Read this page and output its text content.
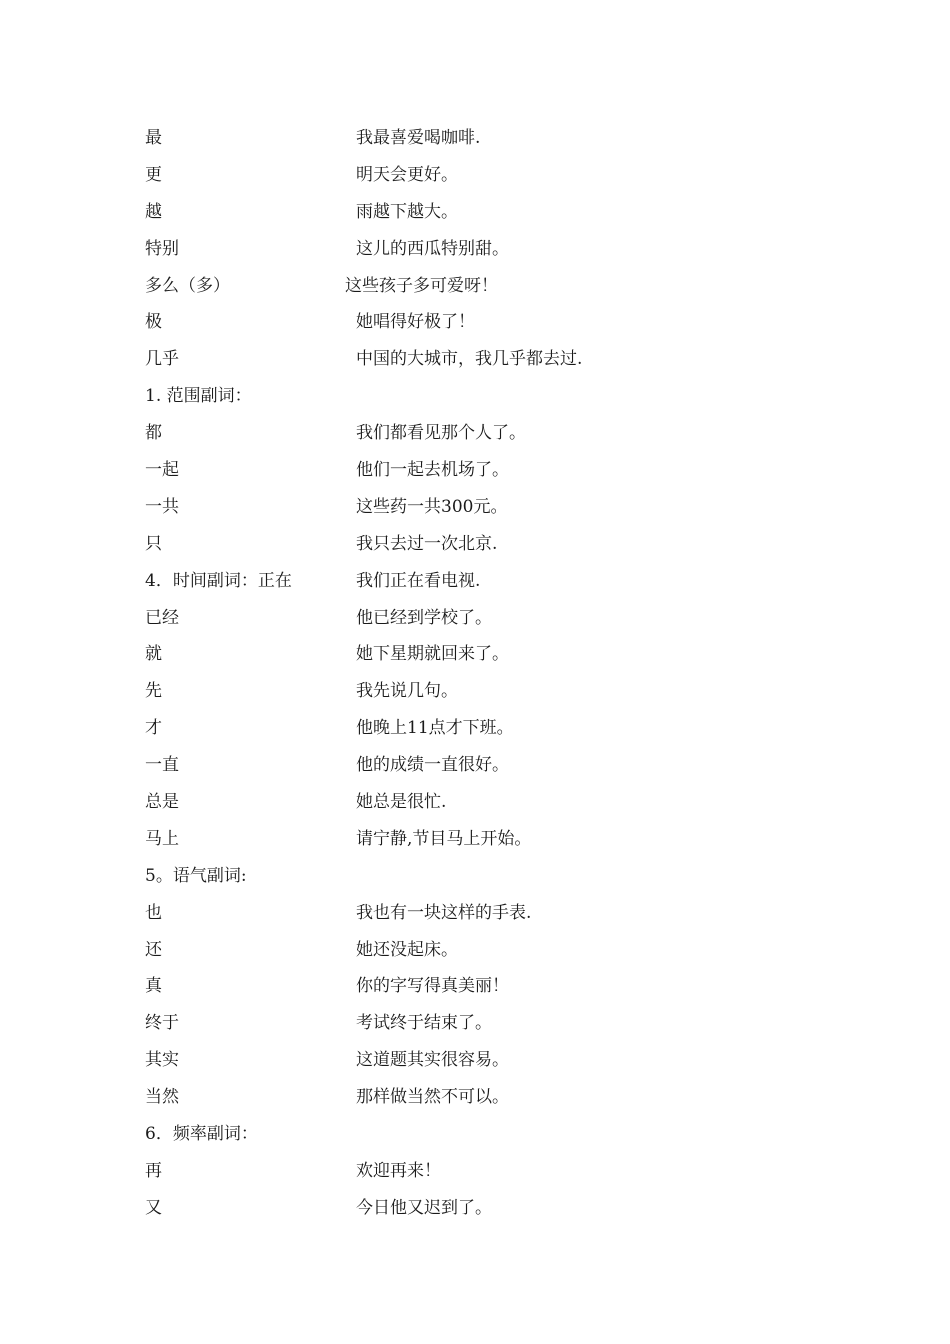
最	我最喜爱喝咖啡.
更	明天会更好。
越	雨越下越大。
特别	这儿的西瓜特别甜。
多么（多）	这些孩子多可爱呀！
极	她唱得好极了！
几乎	中国的大城市，我几乎都去过.
1. 范围副词：
都	我们都看见那个人了。
一起	他们一起去机场了。
一共	这些药一共300元。
只	我只去过一次北京.
4．时间副词：正在	我们正在看电视.
已经	他已经到学校了。
就	她下星期就回来了。
先	我先说几句。
才	他晚上11点才下班。
一直	他的成绩一直很好。
总是	她总是很忙.
马上	请宁静,节目马上开始。
5。语气副词:
也	我也有一块这样的手表.
还	她还没起床。
真	你的字写得真美丽！
终于	考试终于结束了。
其实	这道题其实很容易。
当然	那样做当然不可以。
6．频率副词：
再	欢迎再来！
又	今日他又迟到了。
